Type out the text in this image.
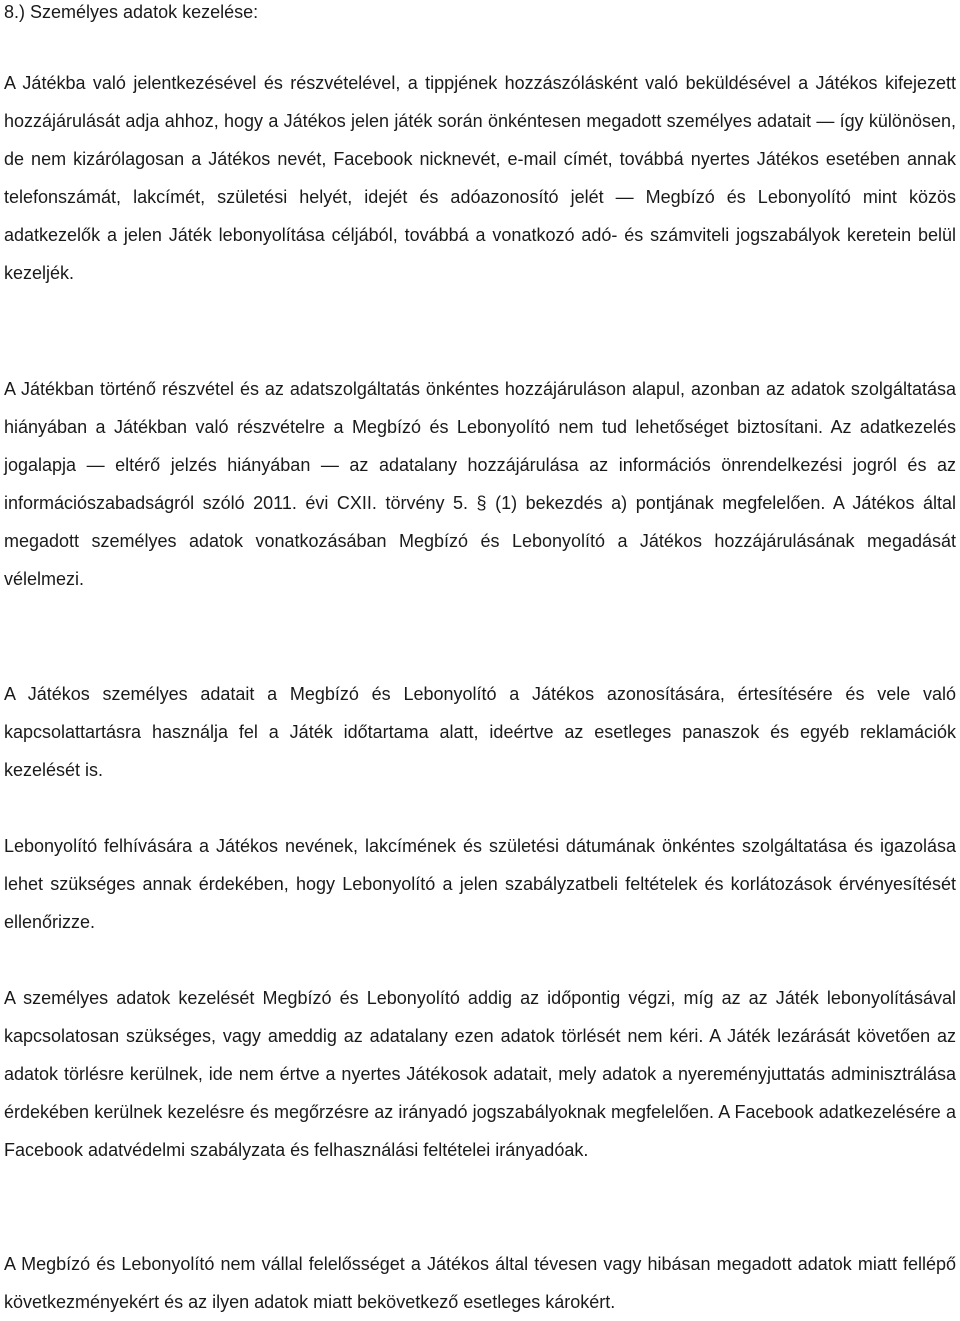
8.) Személyes adatok kezelése:

A Játékba való jelentkezésével és részvételével, a tippjének hozzászólásként való beküldésével a Játékos kifejezett hozzájárulását adja ahhoz, hogy a Játékos jelen játék során önkéntesen megadott személyes adatait — így különösen, de nem kizárólagosan a Játékos nevét, Facebook nicknevét, e-mail címét, továbbá nyertes Játékos esetében annak telefonszámát, lakcímét, születési helyét, idejét és adóazonosító jelét — Megbízó és Lebonyolító mint közös adatkezelők a jelen Játék lebonyolítása céljából, továbbá a vonatkozó adó- és számviteli jogszabályok keretein belül kezeljék.

A Játékban történő részvétel és az adatszolgáltatás önkéntes hozzájáruláson alapul, azonban az adatok szolgáltatása hiányában a Játékban való részvételre a Megbízó és Lebonyolító nem tud lehetőséget biztosítani. Az adatkezelés jogalapja — eltérő jelzés hiányában — az adatalany hozzájárulása az információs önrendelkezési jogról és az információszabadságról szóló 2011. évi CXII. törvény 5. § (1) bekezdés a) pontjának megfelelően. A Játékos által megadott személyes adatok vonatkozásában Megbízó és Lebonyolító a Játékos hozzájárulásának megadását vélelmezi.

A Játékos személyes adatait a Megbízó és Lebonyolító a Játékos azonosítására, értesítésére és vele való kapcsolattartásra használja fel a Játék időtartama alatt, ideértve az esetleges panaszok és egyéb reklamációk kezelését is.

Lebonyolító felhívására a Játékos nevének, lakcímének és születési dátumának önkéntes szolgáltatása és igazolása lehet szükséges annak érdekében, hogy Lebonyolító a jelen szabályzatbeli feltételek és korlátozások érvényesítését ellenőrizze.

A személyes adatok kezelését Megbízó és Lebonyolító addig az időpontig végzi, míg az az Játék lebonyolításával kapcsolatosan szükséges, vagy ameddig az adatalany ezen adatok törlését nem kéri. A Játék lezárását követően az adatok törlésre kerülnek, ide nem értve a nyertes Játékosok adatait, mely adatok a nyereményjuttatás adminisztrálása érdekében kerülnek kezelésre és megőrzésre az irányadó jogszabályoknak megfelelően. A Facebook adatkezelésére a Facebook adatvédelmi szabályzata és felhasználási feltételei irányadóak.

A Megbízó és Lebonyolító nem vállal felelősséget a Játékos által tévesen vagy hibásan megadott adatok miatt fellépő következményekért és az ilyen adatok miatt bekövetkező esetleges károkért.
